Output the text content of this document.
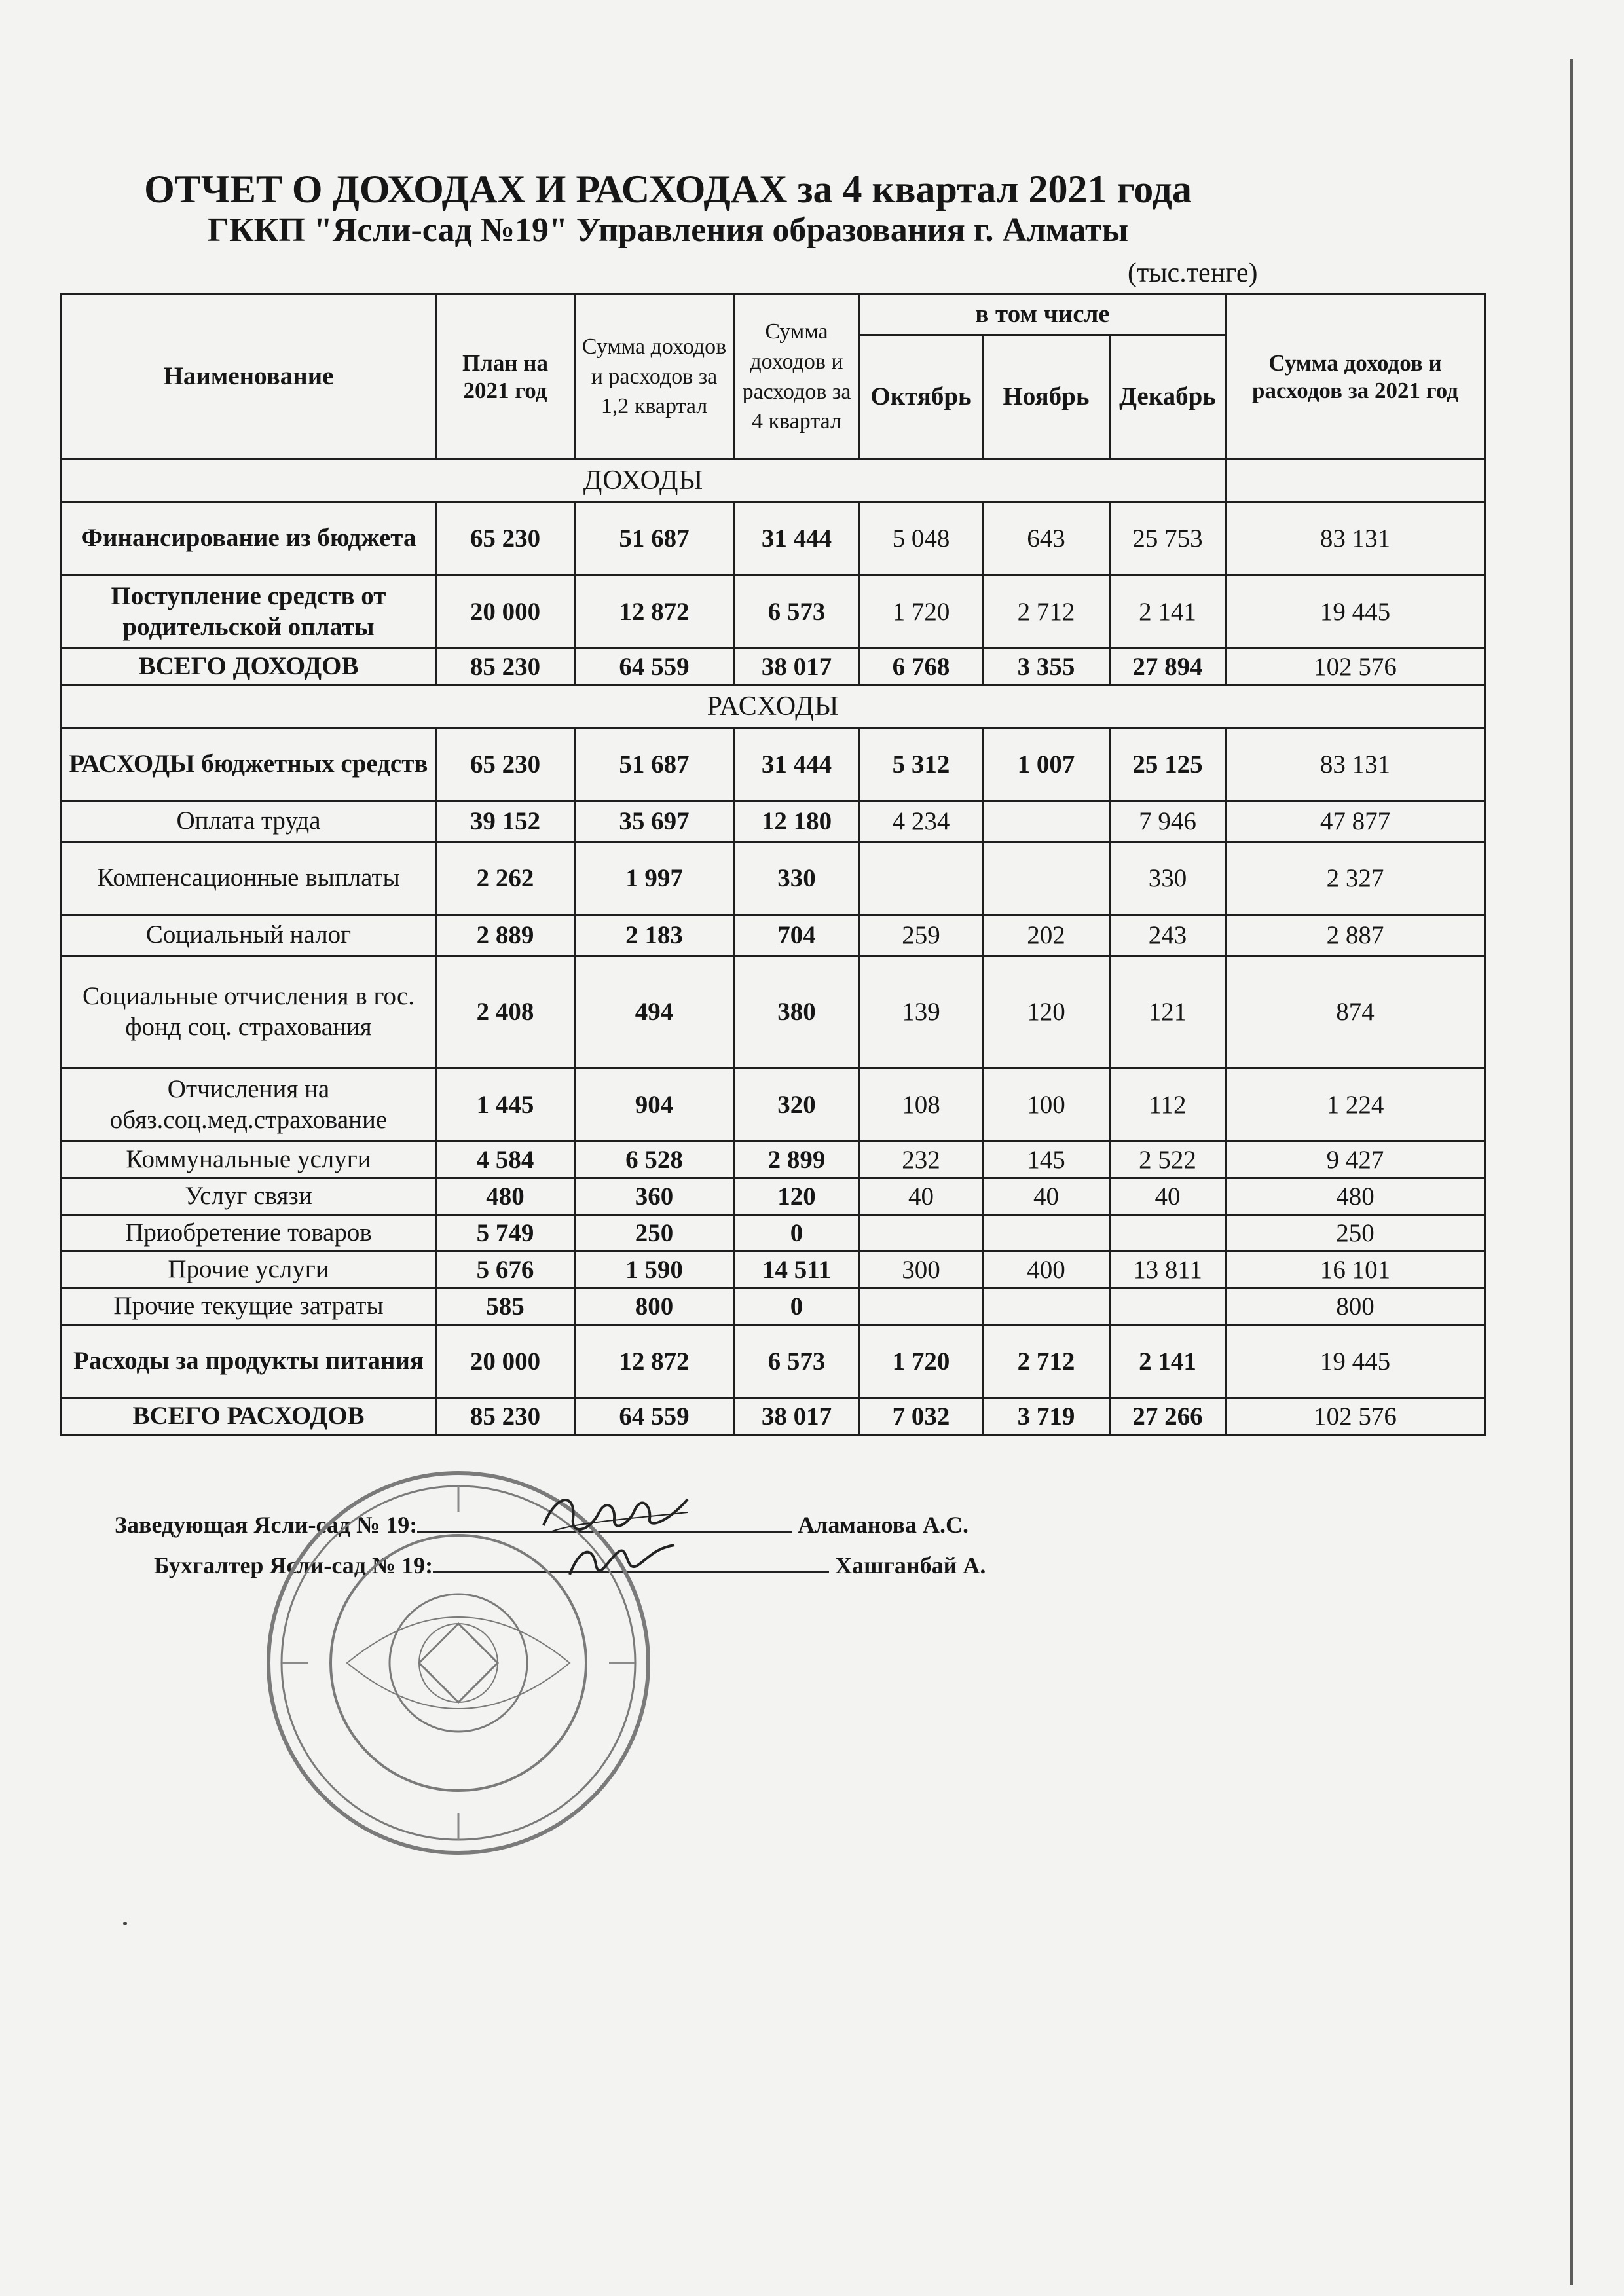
ОТЧЕТ О ДОХОДАХ И РАСХОДАХ за 4 квартал 2021 года
ГККП "Ясли-сад №19" Управления образования г. Алматы
(тыс.тенге)
Наименование	План на 2021 год	Сумма доходов и расходов за 1,2 квартал	Сумма доходов и расходов за 4 квартал	в том числе			Сумма доходов и расходов за 2021 год
				Октябрь	Ноябрь	Декабрь	
ДОХОДЫ							
Финансирование из бюджета	65 230	51 687	31 444	5 048	643	25 753	83 131
Поступление средств от родительской оплаты	20 000	12 872	6 573	1 720	2 712	2 141	19 445
ВСЕГО ДОХОДОВ	85 230	64 559	38 017	6 768	3 355	27 894	102 576
РАСХОДЫ							
РАСХОДЫ бюджетных средств	65 230	51 687	31 444	5 312	1 007	25 125	83 131
Оплата труда	39 152	35 697	12 180	4 234		7 946	47 877
Компенсационные выплаты	2 262	1 997	330			330	2 327
Социальный налог	2 889	2 183	704	259	202	243	2 887
Социальные отчисления в гос. фонд соц. страхования	2 408	494	380	139	120	121	874
Отчисления на обяз.соц.мед.страхование	1 445	904	320	108	100	112	1 224
Коммунальные услуги	4 584	6 528	2 899	232	145	2 522	9 427
Услуг связи	480	360	120	40	40	40	480
Приобретение товаров	5 749	250	0				250
Прочие услуги	5 676	1 590	14 511	300	400	13 811	16 101
Прочие текущие затраты	585	800	0				800
Расходы за продукты питания	20 000	12 872	6 573	1 720	2 712	2 141	19 445
ВСЕГО РАСХОДОВ	85 230	64 559	38 017	7 032	3 719	27 266	102 576
Заведующая Ясли-сад № 19:	Аламанова А.С.
Бухгалтер Ясли-сад № 19:	Хашганбай А.
